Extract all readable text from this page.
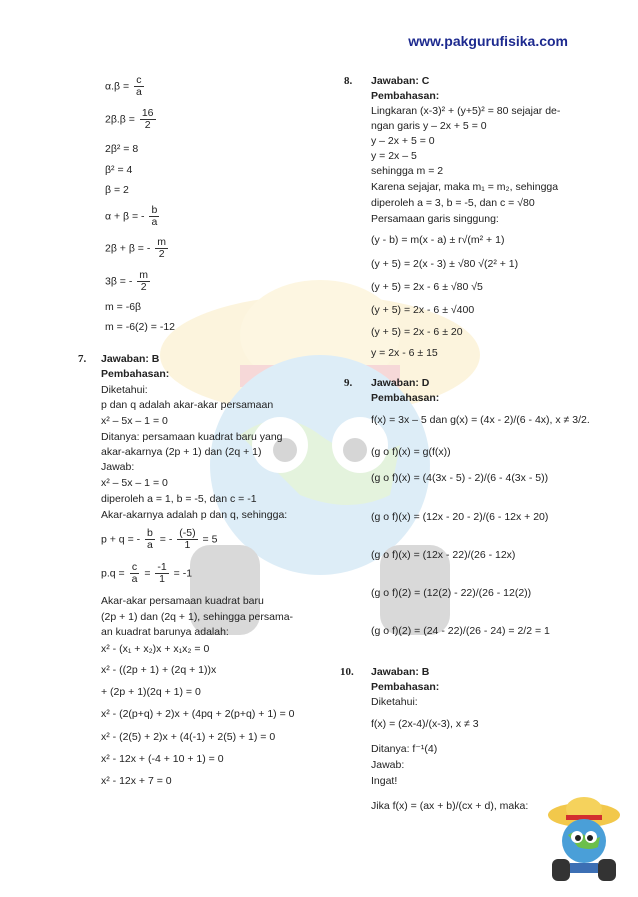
www.pakgurufisika.com
$\alpha.\beta = \frac{c}{a}$
$2\beta.\beta = \frac{16}{2}$
2β² = 8
β² = 4
β = 2
α + β = - $\frac{b}{a}$
2β + β = - $\frac{m}{2}$
3β = - $\frac{m}{2}$
m = -6β
m = -6(2) = -12
7. Jawaban: B
Pembahasan:
Diketahui:
p dan q adalah akar-akar persamaan
x² – 5x – 1 = 0
Ditanya: persamaan kuadrat baru yang
akar-akarnya (2p + 1) dan (2q + 1)
Jawab:
x² – 5x – 1 = 0
diperoleh a = 1, b = -5, dan c = -1
Akar-akarnya adalah p dan q, sehingga:
p + q = - $\frac{b}{a}$ = - $\frac{(-5)}{1} = 5$
$p.q = \frac{c}{a} = \frac{-1}{1} = -1$
Akar-akar persamaan kuadrat baru
(2p + 1) dan (2q + 1), sehingga persama-
an kuadrat barunya adalah:
x² - (x₁ + x₂)x + x₁x₂ = 0
x² - ((2p + 1) + (2q + 1))x
+ (2p + 1)(2q + 1) = 0
x² - (2(p+q) + 2)x + (4pq + 2(p+q) + 1) = 0
x² - (2(5) + 2)x + (4(-1) + 2(5) + 1) = 0
x² - 12x + (-4 + 10 + 1) = 0
x² - 12x + 7 = 0
8. Jawaban: C
Pembahasan:
Lingkaran (x-3)² + (y+5)² = 80 sejajar de-
ngan garis y – 2x + 5 = 0
y – 2x + 5 = 0
y = 2x – 5
sehingga m = 2
Karena sejajar, maka m₁ = m₂, sehingga
diperoleh a = 3, b = -5, dan c = √80
Persamaan garis singgung:
(y - b) = m(x - a) ± r√(m² + 1)
(y + 5) = 2(x - 3) ± √80 √(2² + 1)
(y + 5) = 2x - 6 ± √80 √5
(y + 5) = 2x - 6 ± √400
(y + 5) = 2x - 6 ± 20
y = 2x - 6 ± 15
9. Jawaban: D
Pembahasan:
f(x) = 3x – 5 dan g(x) = (4x - 2)/(6 - 4x), x ≠ 3/2.
(g o f)(x) = g(f(x))
(g o f)(x) = (4(3x - 5) - 2)/(6 - 4(3x - 5))
(g o f)(x) = (12x - 20 - 2)/(6 - 12x + 20)
(g o f)(x) = (12x - 22)/(26 - 12x)
(g o f)(2) = (12(2) - 22)/(26 - 12(2))
(g o f)(2) = (24 - 22)/(26 - 24) = 2/2 = 1
10. Jawaban: B
Pembahasan:
Diketahui:
f(x) = (2x-4)/(x-3), x ≠ 3
Ditanya: f⁻¹(4)
Jawab:
Ingat!
Jika f(x) = (ax + b)/(cx + d), maka:
